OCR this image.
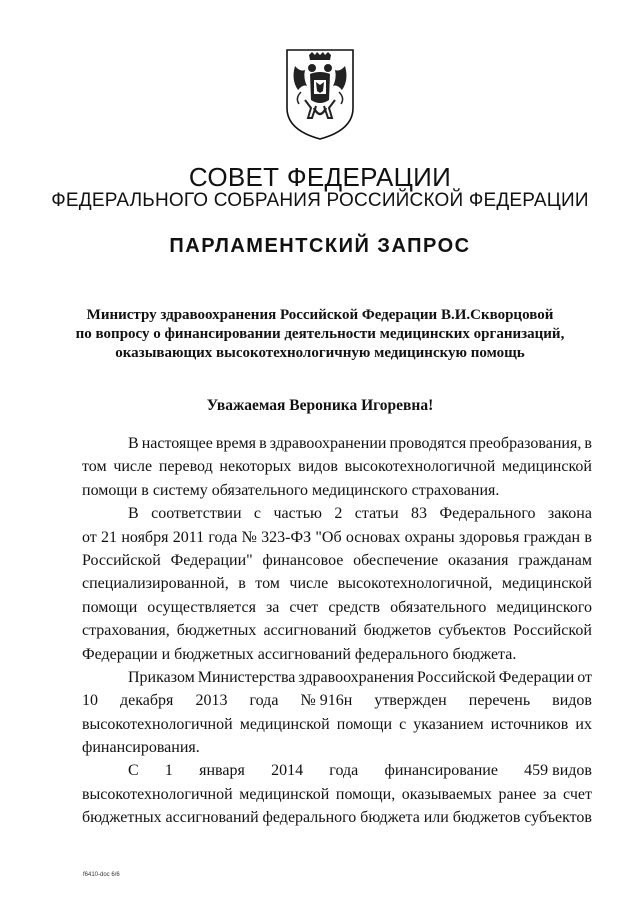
СОВЕТ ФЕДЕРАЦИИ
ФЕДЕРАЛЬНОГО СОБРАНИЯ РОССИЙСКОЙ ФЕДЕРАЦИИ
ПАРЛАМЕНТСКИЙ ЗАПРОС
Министру здравоохранения Российской Федерации В.И.Скворцовой
по вопросу о финансировании деятельности медицинских организаций,
оказывающих высокотехнологичную медицинскую помощь
Уважаемая Вероника Игоревна!
В настоящее время в здравоохранении проводятся преобразования, в
том числе перевод некоторых видов высокотехнологичной медицинской
помощи в систему обязательного медицинского страхования.
В соответствии с частью 2 статьи 83 Федерального закона
от 21 ноября 2011 года № 323-ФЗ "Об основах охраны здоровья граждан в
Российской Федерации" финансовое обеспечение оказания гражданам
специализированной, в том числе высокотехнологичной, медицинской
помощи осуществляется за счет средств обязательного медицинского
страхования, бюджетных ассигнований бюджетов субъектов Российской
Федерации и бюджетных ассигнований федерального бюджета.
Приказом Министерства здравоохранения Российской Федерации от
10 декабря 2013 года № 916н утвержден перечень видов
высокотехнологичной медицинской помощи с указанием источников их
финансирования.
С 1 января 2014 года финансирование 459 видов
высокотехнологичной медицинской помощи, оказываемых ранее за счет
бюджетных ассигнований федерального бюджета или бюджетов субъектов
f6410-doc 6/6
